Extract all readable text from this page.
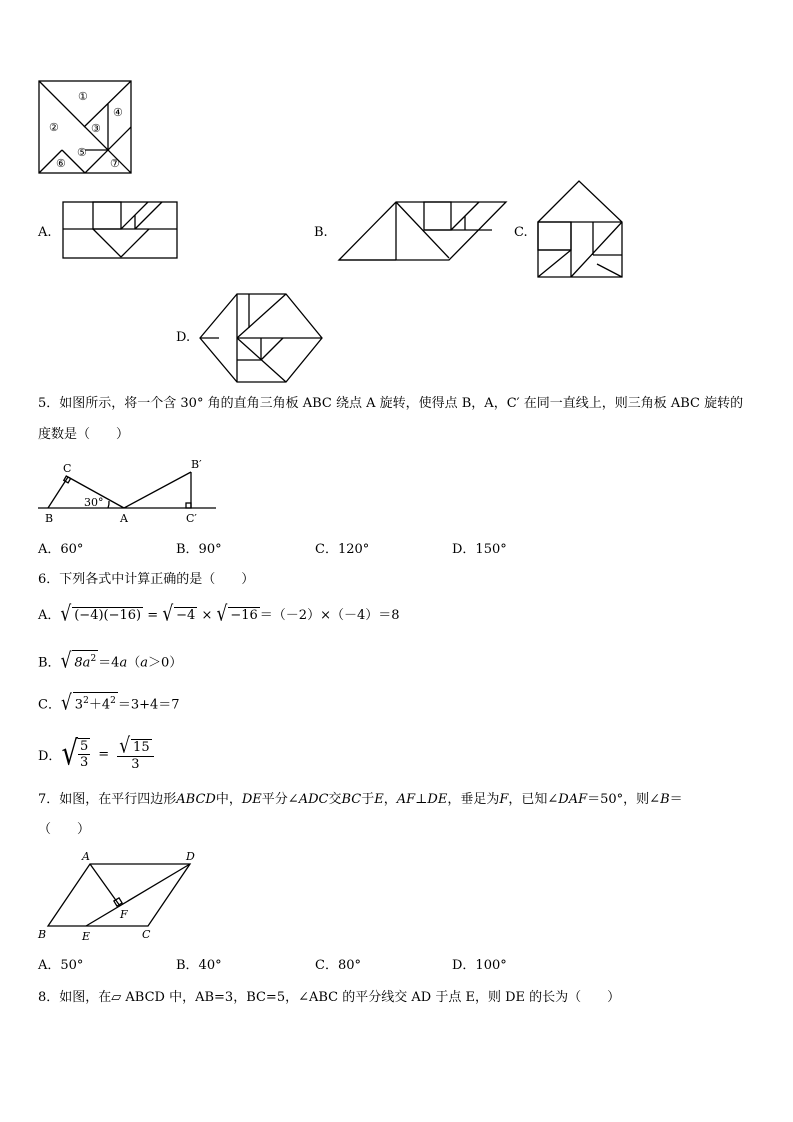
①
②	③
④
⑤
⑥	⑦
A.	B.	C.
D.
5．如图所示，将一个含 30° 角的直角三角板 ABC 绕点 A 旋转，使得点 B，A，C′ 在同一直线上，则三角板 ABC 旋转的
度数是（　　）
C
B	A
B′
C′
30°
A．60°	B．90°	C．120°	D．150°
6．下列各式中计算正确的是（　　）
A．√ (−4)(−16) = √ −4 × √ −16 ＝（－2）×（－4）＝8
B．√ $8a^2 =4a(a>0)$
C．√ $3^2+4^2 =3+4=7$
D． √ $\frac{5}{3} = \frac{√ 15}{3}$
7．如图，在平行四边形ABCD中，DE平分∠ADC交BC于E，AF⊥DE，垂足为F，已知∠DAF＝50°，则∠B＝
（　　）
A	D
B	E	C
F
A．50°	B．40°	C．80°	D．100°
8．如图，在▱ ABCD 中，AB=3，BC=5，∠ABC 的平分线交 AD 于点 E，则 DE 的长为（　　）
